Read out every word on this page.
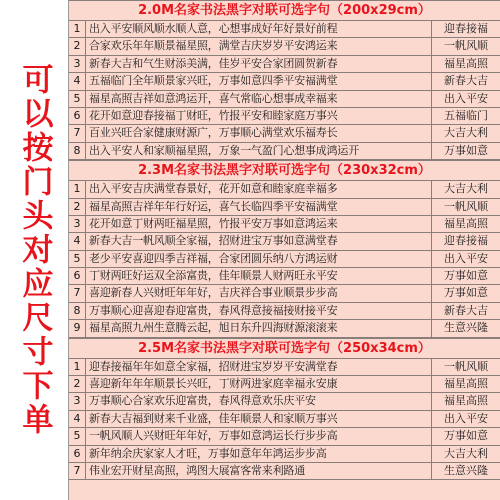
可以按门头对应尺寸下单
2.0M名家书法黑字对联可选字句（200x29cm）
1 出入平安顺风顺水顺人意，心想事成好年好景好前程	迎春接福
2 合家欢乐年年顺景福星照，满堂吉庆岁岁平安鸿运来	一帆风顺
3 新春大吉和气生财添美满，佳岁平安合家团圆贺新春	福星高照
4 五福临门全年顺景家兴旺，万事如意四季平安福满堂	新春大吉
5 福星高照吉祥如意鸿运开，喜气常临心想事成幸福来	出入平安
6 花开如意迎春接福丁财旺，竹报平安和睦家庭万事兴	五福临门
7 百业兴旺合家健康财源广，万事顺心满堂欢乐福寿长	大吉大利
8 出入平安人和家顺福星照，万象一气盈门心想事成鸿运开	万事如意
2.3M名家书法黑字对联可选字句（230x32cm）
1 出入平安吉庆满堂春景好，花开如意和睦家庭幸福多	大吉大利
2 福星高照吉祥年年行好运，喜气长临四季平安福满堂	一帆风顺
3 花开如意丁财两旺福星照，竹报平安万事如意鸿运来	福星高照
4 新春大吉一帆风顺全家福，招财进宝万事如意满堂春	迎春接福
5 老少平安喜迎四季吉祥福，合家团圆乐纳八方鸿运财	出入平安
6 丁财两旺好运双全添富贵，佳年顺景人财两旺永平安	万事如意
7 喜迎新春人兴财旺年年好，吉庆祥合事业顺景步步高	万事如意
8 万事顺心迎喜迎春迎富贵，春风得意接福接财接平安	新春大吉
9 福星高照九州生意腾云起，旭日东升四海财源滚滚来	生意兴隆
2.5M名家书法黑字对联可选字句（250x34cm）
1 迎春接福年年如意全家福，招财进宝岁岁平安满堂春	一帆风顺
2 喜迎新年年年顺景长兴旺，丁财两进家庭幸福永安康	福星高照
3 万事顺心合家欢乐迎富贵，春风得意欢乐庆平安	福星高照
4 新春大吉福到财来千业盛，佳年顺景人和家顺万事兴	出入平安
5 一帆风顺人兴财旺年年好，万事如意鸿运长行步步高	万事如意
6 新年纳余庆家家人才旺，万事如意年年鸿运步步高	大吉大利
7 伟业宏开财星高照，鸿图大展富客常来利路通	生意兴隆
